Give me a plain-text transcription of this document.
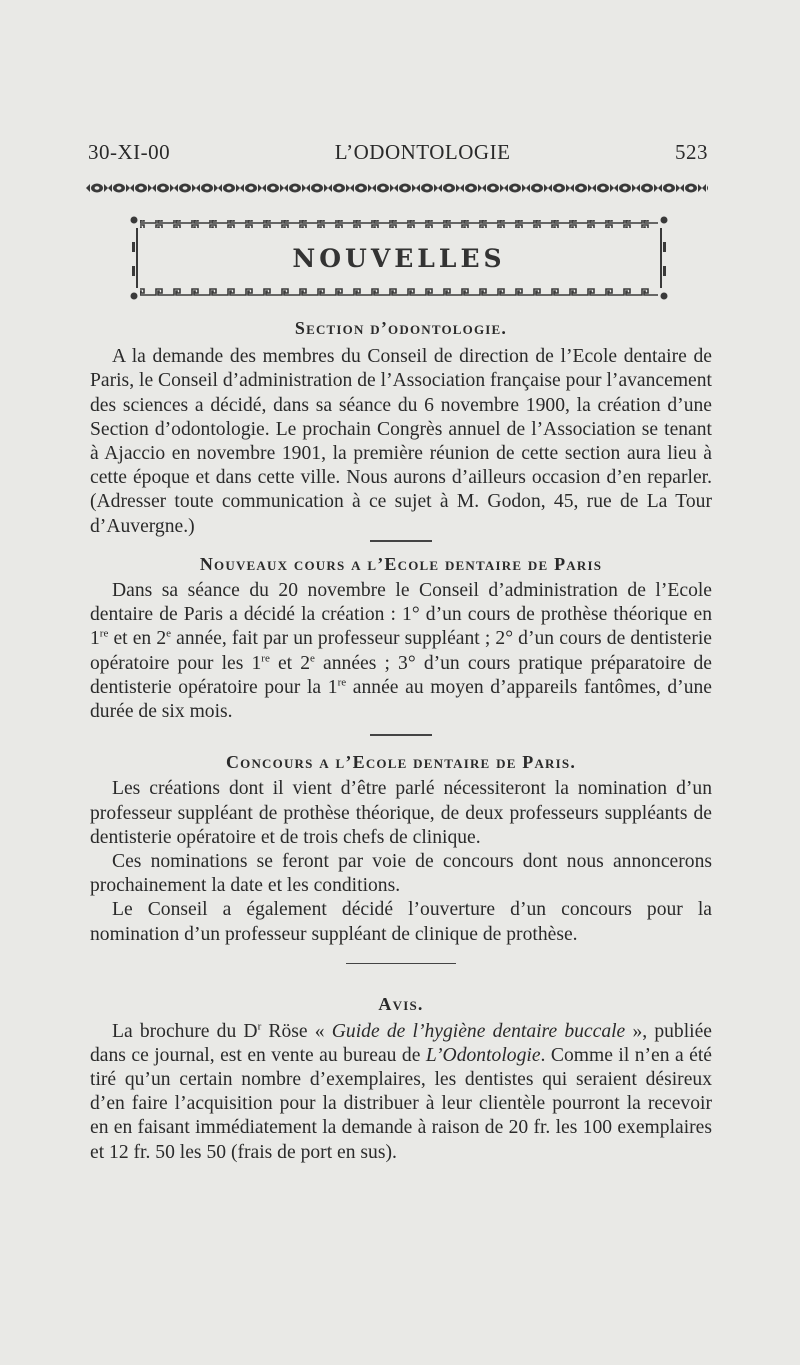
30-XI-00	L’ODONTOLOGIE	523
NOUVELLES
Section d’odontologie.

A la demande des membres du Conseil de direction de l’Ecole dentaire de Paris, le Conseil d’administration de l’Association française pour l’avancement des sciences a décidé, dans sa séance du 6 novembre 1900, la création d’une Section d’odontologie. Le prochain Congrès annuel de l’Association se tenant à Ajaccio en novembre 1901, la première réunion de cette section aura lieu à cette époque et dans cette ville. Nous aurons d’ailleurs occasion d’en reparler. (Adresser toute communication à ce sujet à M. Godon, 45, rue de La Tour d’Auvergne.)

Nouveaux cours a l’Ecole dentaire de Paris

Dans sa séance du 20 novembre le Conseil d’administration de l’Ecole dentaire de Paris a décidé la création : 1° d’un cours de prothèse théorique en 1re et en 2e année, fait par un professeur suppléant ; 2° d’un cours de dentisterie opératoire pour les 1re et 2e années ; 3° d’un cours pratique préparatoire de dentisterie opératoire pour la 1re année au moyen d’appareils fantômes, d’une durée de six mois.

Concours a l’Ecole dentaire de Paris.

Les créations dont il vient d’être parlé nécessiteront la nomination d’un professeur suppléant de prothèse théorique, de deux professeurs suppléants de dentisterie opératoire et de trois chefs de clinique.

Ces nominations se feront par voie de concours dont nous annoncerons prochainement la date et les conditions.

Le Conseil a également décidé l’ouverture d’un concours pour la nomination d’un professeur suppléant de clinique de prothèse.

Avis.

La brochure du $D^r$ Röse « Guide de l’hygiène dentaire buccale », publiée dans ce journal, est en vente au bureau de L’Odontologie. Comme il n’en a été tiré qu’un certain nombre d’exemplaires, les dentistes qui seraient désireux d’en faire l’acquisition pour la distribuer à leur clientèle pourront la recevoir en en faisant immédiatement la demande à raison de 20 fr. les 100 exemplaires et 12 fr. 50 les 50 (frais de port en sus).
